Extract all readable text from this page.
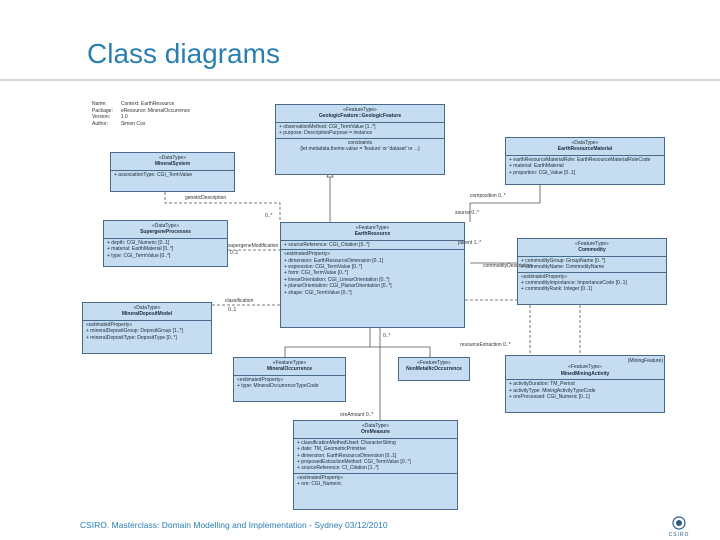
Class diagrams
Name:	Context: EarthResource
Package:	eResource::MineralOccurrence
Version:	1.0
Author:	Simon Cox
«FeatureType»
GeologicFeature::GeologicFeature
+ observationMethod: CGI_TermValue [1..*]
+ purpose: DescriptionPurpose = instance
constraints
{let metadata.theme.value = 'feature' or 'dataset' or ...}
«DataType»
MineralSystem
+ associationType: CGI_TermValue
«DataType»
EarthResourceMaterial
+ earthResourceMaterialRole: EarthResourceMaterialRoleCode
+ material: EarthMaterial
+ proportion: CGI_Value [0..1]
«DataType»
SupergeneProcesses
+ depth: CGI_Numeric [0..1]
+ material: EarthMaterial [0..*]
+ type: CGI_TermValue [0..*]
«FeatureType»
EarthResource
+ sourceReference: CGI_Citation [0..*]
«estimatedProperty»
+ dimension: EarthResourceDimension [0..1]
+ expression: CGI_TermValue [0..*]
+ form: CGI_TermValue [0..*]
+ linearOrientation: CGI_LinearOrientation [0..*]
+ planarOrientation: CGI_PlanarOrientation [0..*]
+ shape: CGI_TermValue [0..*]
«FeatureType»
Commodity
+ commodityGroup: GroupName [0..*]
+ commodityName: CommodityName
«estimatedProperty»
+ commodityImportance: ImportanceCode [0..1]
+ commodityRank: Integer [0..1]
«DataType»
MineralDepositModel
«estimatedProperty»
+ mineralDepositGroup: DepositGroup [1..*]
+ mineralDepositType: DepositType [0..*]
«FeatureType»
MineralOccurrence
«estimatedProperty»
+ type: MineralOccurrenceTypeCode
«FeatureType»
NonMetallicOccurrence
(MiningFeature)
«FeatureType»
MinedMiningActivity
+ activityDuration: TM_Period
+ activityType: MiningActivityTypeCode
+ oreProcessed: CGI_Numeric [0..1]
«DataType»
OreMeasure
+ classificationMethodUsed: CharacterString
+ date: TM_GeometricPrimitive
+ dimension: EarthResourceDimension [0..1]
+ proposedExtractionMethod: CGI_TermValue [0..*]
+ sourceReference: CI_Citation [1..*]
«estimatedProperty»
+ ore: CGI_Numeric
geneticDescription
supergeneModification
composition 0..*
source 0..*
parent 1..*
commodityDescription
classification
resourceExtraction 0..*
oreAmount 0..*
0..1
0..*
0..1
0..*
CSIRO. Masterclass: Domain Modelling and Implementation - Sydney 03/12/2010
CSIRO
